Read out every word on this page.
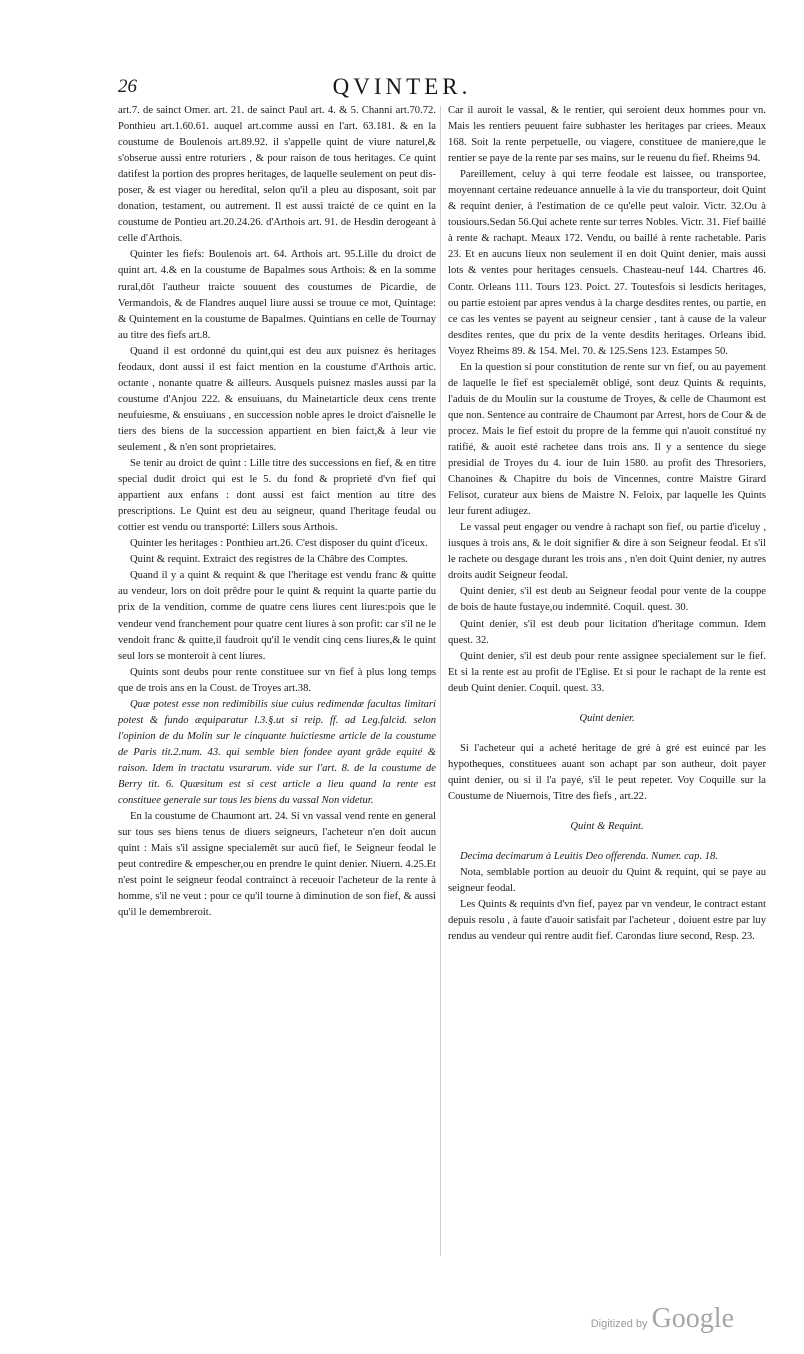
26	QVINTER.

art.7. de sainct Omer. art. 21. de sainct Paul art. 4. & 5. Channi art.70.72. Ponthieu art.1.60.61. auquel art.comme aussi en l'art. 63.181. & en la coustume de Boulenois art.89.92. il s'appelle quint de viure naturel,& s'obserue aussi entre roturiers , & pour raison de tous heritages. Ce quint datifest la portion des propres heritages, de laquelle seulement on peut dis- poser, & est viager ou heredital, selon qu'il a pleu au disposant, soit par donation, testament, ou autrement. Il est aussi traicté de ce quint en la coustume de Pontieu art.20.24.26. d'Arthois art. 91. de Hesdin derogeant à celle d'Arthois.

Quinter les fiefs: Boulenois art. 64. Arthois art. 95.Lille du droict de quint art. 4.& en la coustume de Bapalmes sous Arthois: & en la somme rural,dōt l'autheur traicte souuent des coustumes de Picardie, de Vermandois, & de Flandres auquel liure aussi se trouue ce mot, Quintage: & Quintement en la coustume de Bapalmes. Quintians en celle de Tournay au titre des fiefs art.8.

Quand il est ordonné du quint,qui est deu aux puisnez ès heritages feodaux, dont aussi il est faict mention en la coustume d'Arthois artic. octante , nonante quatre & ailleurs. Ausquels puisnez masles aussi par la coustume d'Anjou 222. & ensuiuans, du Mainetarticle deux cens trente neufuiesme, & ensuiuans , en succession noble apres le droict d'aisnelle le tiers des biens de la succession appartient en bien faict,& à leur vie seulement , & n'en sont proprietaires.

Se tenir au droict de quint : Lille titre des successions en fief, & en titre special dudit droict qui est le 5. du fond & proprieté d'vn fief qui appartient aux enfans : dont aussi est faict mention au titre des prescriptions. Le Quint est deu au seigneur, quand l'heritage feudal ou cottier est vendu ou transporté: Lillers sous Arthois.

Quinter les heritages : Ponthieu art.26. C'est disposer du quint d'iceux.

Quint & requint. Extraict des registres de la Châbre des Comptes.

Quand il y a quint & requint & que l'heritage est vendu franc & quitte au vendeur, lors on doit prēdre pour le quint & requint la quarte partie du prix de la vendition, comme de quatre cens liures cent liures:pois que le vendeur vend franchement pour quatre cent liures à son profit: car s'il ne le vendoit franc & quitte,il faudroit qu'il le vendit cinq cens liures,& le quint seul lors se monteroit à cent liures.

Quints sont deubs pour rente constituee sur vn fief à plus long temps que de trois ans en la Coust. de Troyes art.38.

Quæ potest esse non redimibilis siue cuius redimendæ facultas limitari potest & fundo æquiparatur l.3.§.ut si reip. ff. ad Leg.falcid. selon l'opinion de du Molin sur le cinquante huictiesme article de la coustume de Paris tit.2.num. 43. qui semble bien fondee ayant grāde equité & raison. Idem in tractatu vsurarum. vide sur l'art. 8. de la coustume de Berry tit. 6. Quæsitum est si cest article a lieu quand la rente est constituee generale sur tous les biens du vassal Non videtur.

En la coustume de Chaumont art. 24. Si vn vassal vend rente en general sur tous ses biens tenus de diuers seigneurs, l'acheteur n'en doit aucun quint : Mais s'il assigne specialemēt sur aucū fief, le Seigneur feodal le peut contredire & empescher,ou en prendre le quint denier. Niuern. 4.25.Et n'est point le seigneur feodal contrainct à receuoir l'acheteur de la rente à homme, s'il ne veut : pour ce qu'il tourne à diminution de son fief, & aussi qu'il le demembreroit.

Car il auroit le vassal, & le rentier, qui seroient deux hommes pour vn. Mais les rentiers peuuent faire subhaster les heritages par criees. Meaux 168. Soit la rente perpetuelle, ou viagere, constituee de maniere,que le rentier se paye de la rente par ses mains, sur le reuenu du fief. Rheims 94.

Pareillement, celuy à qui terre feodale est laissee, ou transportee, moyennant certaine redeuance annuelle à la vie du transporteur, doit Quint & requint denier, à l'estimation de ce qu'elle peut valoir. Victr. 32.Ou à tousiours.Sedan 56.Qui achete rente sur terres Nobles. Victr. 31. Fief baillé à rente & rachapt. Meaux 172. Vendu, ou baillé à rente rachetable. Paris 23. Et en aucuns lieux non seulement il en doit Quint denier, mais aussi lots & ventes pour heritages censuels. Chasteau-neuf 144. Chartres 46. Contr. Orleans 111. Tours 123. Poict. 27. Toutesfois si lesdicts heritages, ou partie estoient par apres vendus à la charge desdites rentes, ou partie, en ce cas les ventes se payent au seigneur censier , tant à cause de la valeur desdites rentes, que du prix de la vente desdits heritages. Orleans ibid. Voyez Rheims 89. & 154. Mel. 70. & 125.Sens 123. Estampes 50.

En la question si pour constitution de rente sur vn fief, ou au payement de laquelle le fief est specialemēt obligé, sont deuz Quints & requints, l'aduis de du Moulin sur la coustume de Troyes, & celle de Chaumont est que non. Sentence au contraire de Chaumont par Arrest, hors de Cour & de procez. Mais le fief estoit du propre de la femme qui n'auoit constitué ny ratifié, & auoit esté rachetee dans trois ans. Il y a sentence du siege presidial de Troyes du 4. iour de Iuin 1580. au profit des Thresoriers, Chanoines & Chapitre du bois de Vincennes, contre Maistre Girard Felisot, curateur aux biens de Maistre N. Feloix, par laquelle les Quints leur furent adiugez.

Le vassal peut engager ou vendre à rachapt son fief, ou partie d'iceluy , iusques à trois ans, & le doit signifier & dire à son Seigneur feodal. Et s'il le rachete ou desgage durant les trois ans , n'en doit Quint denier, ny autres droits audit Seigneur feodal.

Quint denier, s'il est deub au Seigneur feodal pour vente de la couppe de bois de haute fustaye,ou indemnité. Coquil. quest. 30.

Quint denier, s'il est deub pour licitation d'heritage commun. Idem quest. 32.

Quint denier, s'il est deub pour rente assignee specialement sur le fief. Et si la rente est au profit de l'Eglise. Et si pour le rachapt de la rente est deub Quint denier. Coquil. quest. 33.

Quint denier.

Si l'acheteur qui a acheté heritage de gré à gré est euincé par les hypotheques, constituees auant son achapt par son autheur, doit payer quint denier, ou si il l'a payé, s'il le peut repeter. Voy Coquille sur la Coustume de Niuernois, Titre des fiefs , art.22.

Quint & Requint.

Decima decimarum à Leuitis Deo offerenda. Numer. cap. 18.

Nota, semblable portion au deuoir du Quint & requint, qui se paye au seigneur feodal.

Les Quints & requints d'vn fief, payez par vn vendeur, le contract estant depuis resolu , à faute d'auoir satisfait par l'acheteur , doiuent estre par luy rendus au vendeur qui rentre audit fief. Carondas liure second, Resp. 23.

Digitized by Google
